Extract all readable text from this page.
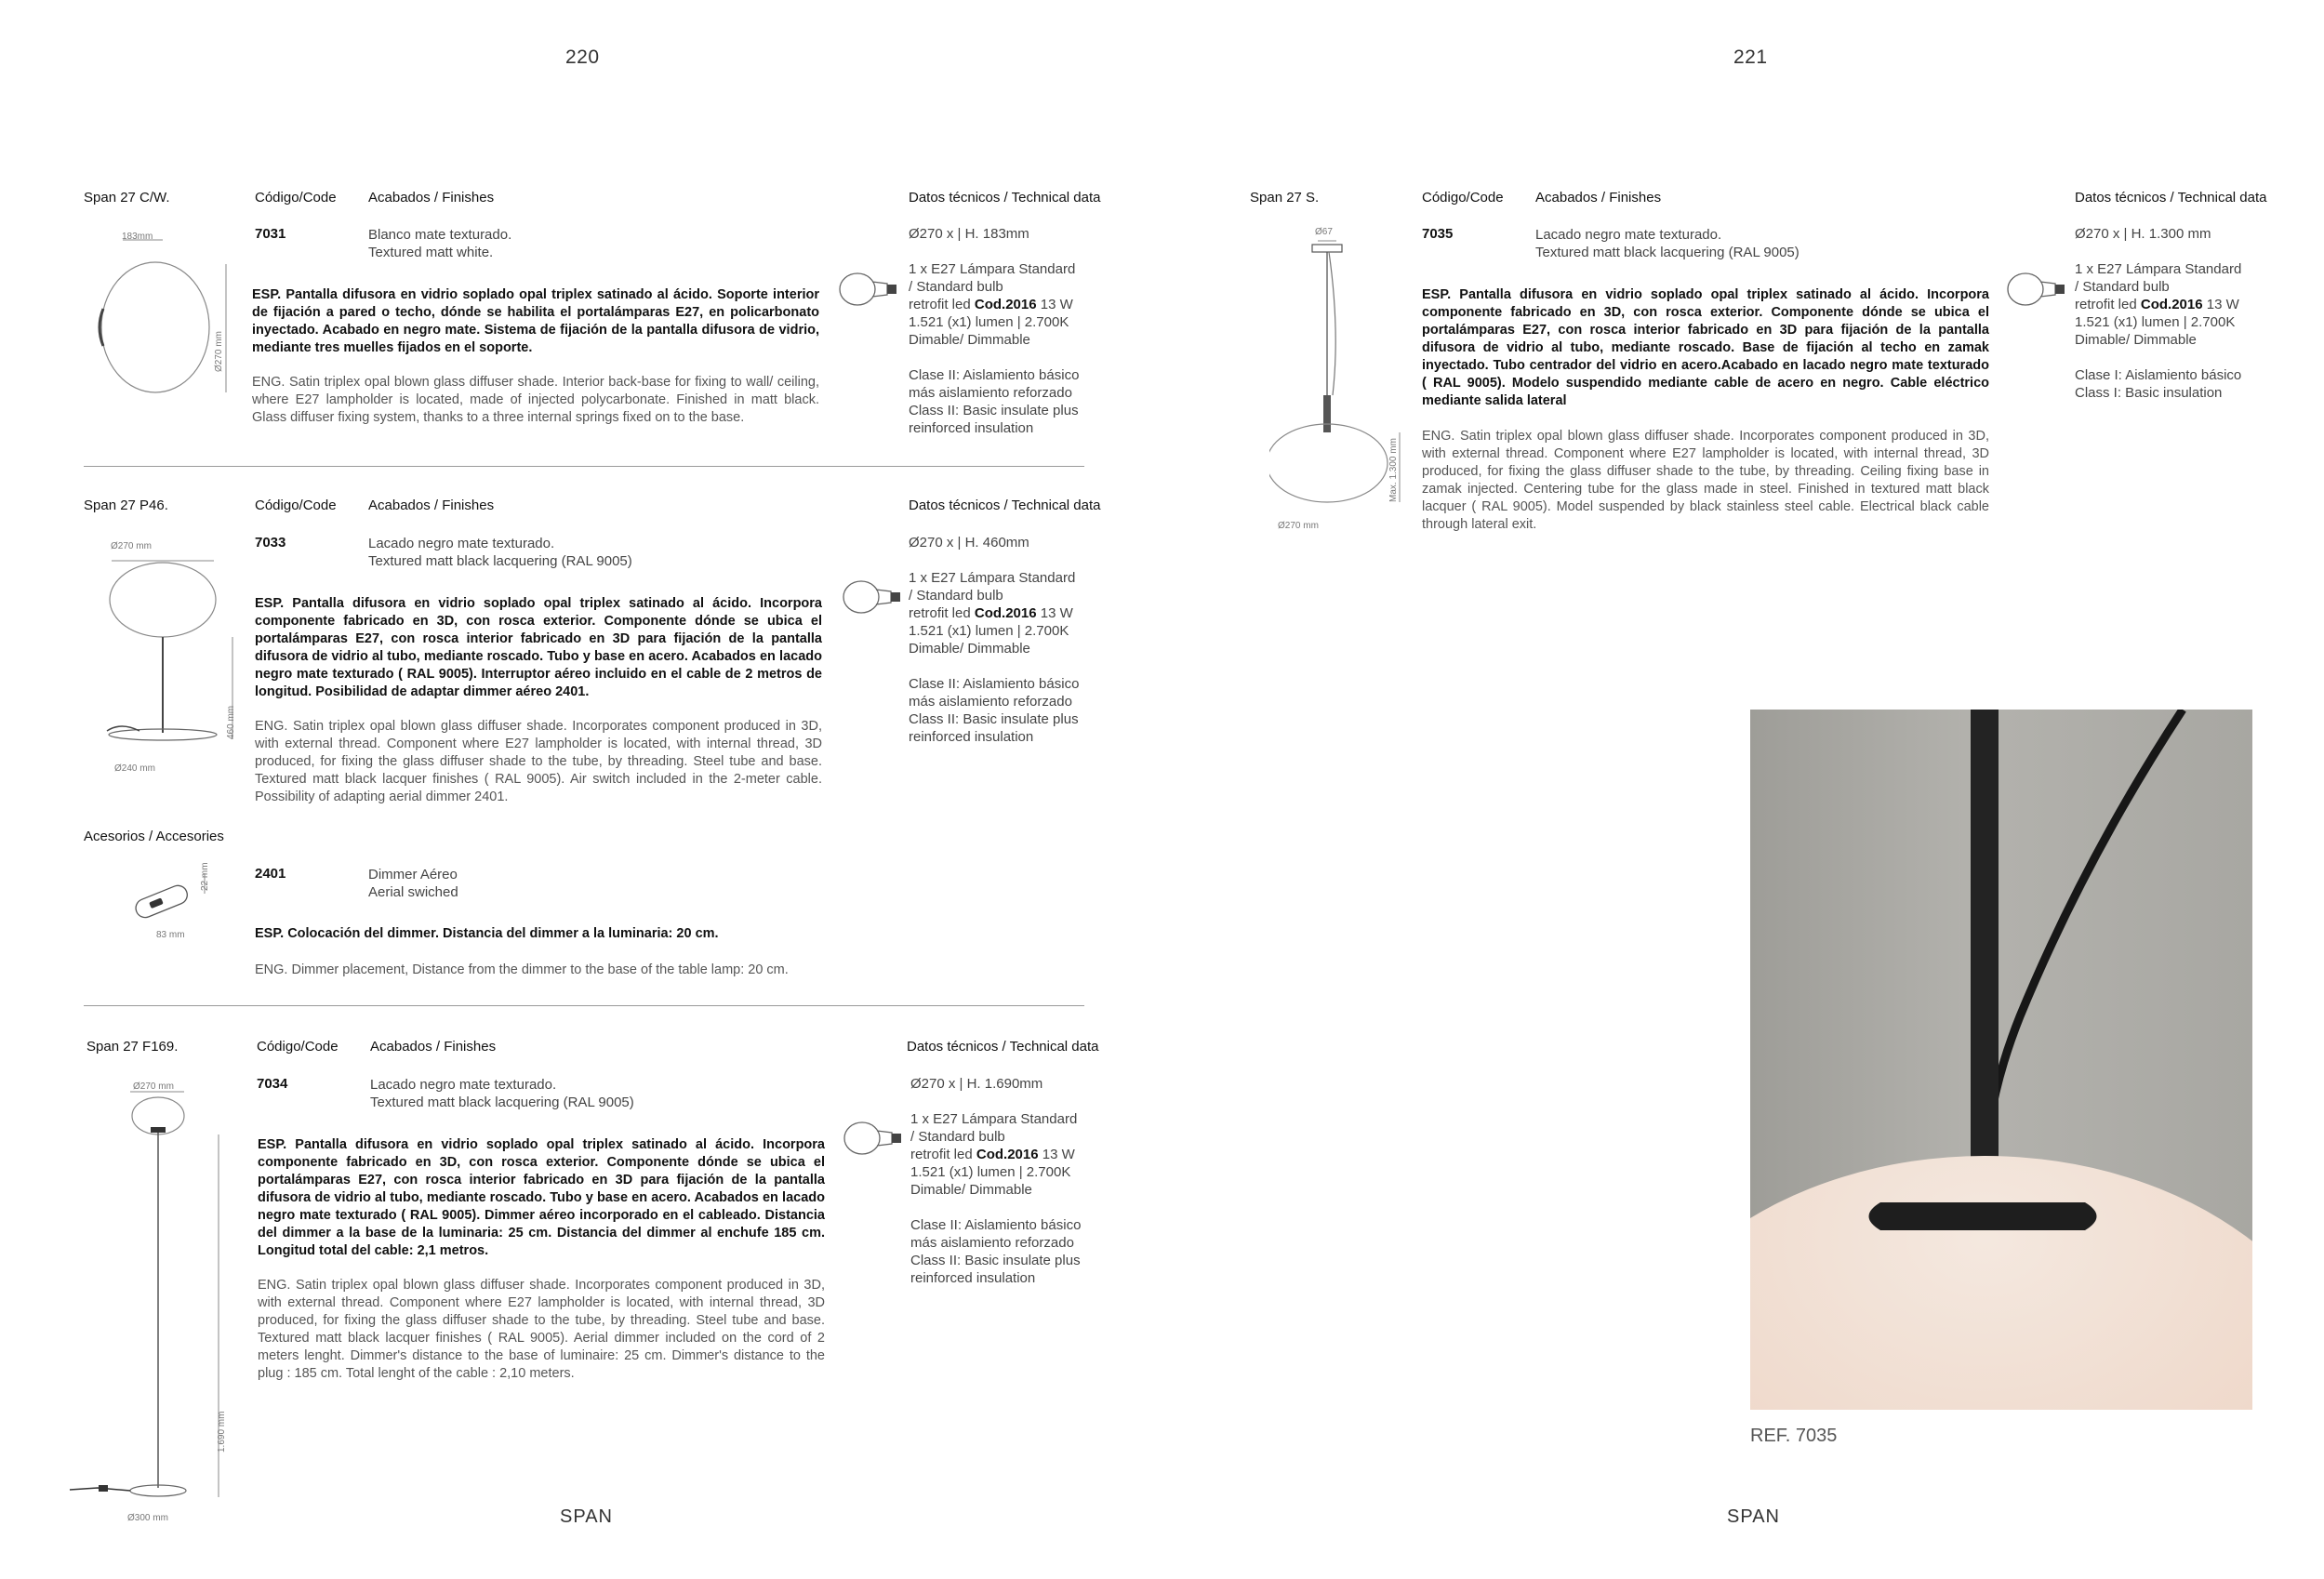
220	221
SPAN	SPAN
Span 27 C/W.	Código/Code Acabados / Finishes	Datos técnicos / Technical data
7031	Blanco mate texturado.
Textured matt white.
ESP. Pantalla difusora en vidrio soplado opal triplex satinado al ácido. Soporte interior de fijación a pared o techo, dónde se habilita el portalámparas E27, en policarbonato inyectado. Acabado en negro mate. Sistema de fijación de la pantalla difusora de vidrio, mediante tres muelles fijados en el soporte.
ENG. Satin triplex opal blown glass diffuser shade. Interior back-base for fixing to wall/ ceiling, where E27 lampholder is located, made of injected polycarbonate. Finished in matt black. Glass diffuser fixing system, thanks to a three internal springs fixed on to the base.
Ø270 x | H. 183mm
1 x E27 Lámpara Standard
/ Standard bulb
retrofit led Cod.2016 13 W
1.521 (x1) lumen | 2.700K
Dimable/ Dimmable
Clase II: Aislamiento básico
más aislamiento reforzado
Class II: Basic insulate plus
reinforced insulation
183mm
Ø270 mm
Span 27 P46.	Código/Code Acabados / Finishes	Datos técnicos / Technical data
7033	Lacado negro mate texturado.
Textured matt black lacquering (RAL 9005)
ESP. Pantalla difusora en vidrio soplado opal triplex satinado al ácido. Incorpora componente fabricado en 3D, con rosca exterior. Componente dónde se ubica el portalámparas E27, con rosca interior fabricado en 3D para fijación de la pantalla difusora de vidrio al tubo, mediante roscado. Tubo y base en acero. Acabados en lacado negro mate texturado ( RAL 9005). Interruptor aéreo incluido en el cable de 2 metros de longitud. Posibilidad de adaptar dimmer aéreo 2401.
ENG. Satin triplex opal blown glass diffuser shade. Incorporates component produced in 3D, with external thread. Component where E27 lampholder is located, with internal thread, 3D produced, for fixing the glass diffuser shade to the tube, by threading. Steel tube and base. Textured matt black lacquer finishes ( RAL 9005). Air switch included in the 2-meter cable. Possibility of adapting aerial dimmer 2401.
Ø270 x | H. 460mm
1 x E27 Lámpara Standard
/ Standard bulb
retrofit led Cod.2016 13 W
1.521 (x1) lumen | 2.700K
Dimable/ Dimmable
Clase II: Aislamiento básico
más aislamiento reforzado
Class II: Basic insulate plus
reinforced insulation
Ø270 mm
460 mm
Ø240 mm
Acesorios / Accesories
2401	Dimmer Aéreo
Aerial swiched
ESP. Colocación del dimmer. Distancia del dimmer a la luminaria: 20 cm.
ENG. Dimmer placement, Distance from the dimmer to the base of the table lamp: 20 cm.
22 mm
83 mm
Span 27 F169.	Código/Code Acabados / Finishes	Datos técnicos / Technical data
7034	Lacado negro mate texturado.
Textured matt black lacquering (RAL 9005)
ESP. Pantalla difusora en vidrio soplado opal triplex satinado al ácido. Incorpora componente fabricado en 3D, con rosca exterior. Componente dónde se ubica el portalámparas E27, con rosca interior fabricado en 3D para fijación de la pantalla difusora de vidrio al tubo, mediante roscado. Tubo y base en acero. Acabados en lacado negro mate texturado ( RAL 9005). Dimmer aéreo incorporado en el cableado. Distancia del dimmer a la base de la luminaria: 25 cm. Distancia del dimmer al enchufe 185 cm. Longitud total del cable: 2,1 metros.
ENG. Satin triplex opal blown glass diffuser shade. Incorporates component produced in 3D, with external thread. Component where E27 lampholder is located, with internal thread, 3D produced, for fixing the glass diffuser shade to the tube, by threading. Steel tube and base. Textured matt black lacquer finishes ( RAL 9005). Aerial dimmer included on the cord of 2 meters lenght. Dimmer's distance to the base of luminaire: 25 cm. Dimmer's distance to the plug : 185 cm. Total lenght of the cable : 2,10 meters.
Ø270 x | H. 1.690mm
1 x E27 Lámpara Standard
/ Standard bulb
retrofit led Cod.2016 13 W
1.521 (x1) lumen | 2.700K
Dimable/ Dimmable
Clase II: Aislamiento básico
más aislamiento reforzado
Class II: Basic insulate plus
reinforced insulation
Ø270 mm
1.690 mm
Ø300 mm
Span 27 S.	Código/Code Acabados / Finishes	Datos técnicos / Technical data
7035	Lacado negro mate texturado.
Textured matt black lacquering (RAL 9005)
ESP. Pantalla difusora en vidrio soplado opal triplex satinado al ácido. Incorpora componente fabricado en 3D, con rosca exterior. Componente dónde se ubica el portalámparas E27, con rosca interior fabricado en 3D para fijación de la pantalla difusora de vidrio al tubo, mediante roscado. Base de fijación al techo en zamak inyectado. Tubo centrador del vidrio en acero.Acabado en lacado negro mate texturado ( RAL 9005). Modelo suspendido mediante cable de acero en negro. Cable eléctrico mediante salida lateral
ENG. Satin triplex opal blown glass diffuser shade. Incorporates component produced in 3D, with external thread. Component where E27 lampholder is located, with internal thread, 3D produced, for fixing the glass diffuser shade to the tube, by threading. Ceiling fixing base in zamak injected. Centering tube for the glass made in steel. Finished in textured matt black lacquer ( RAL 9005). Model suspended by black stainless steel cable. Electrical black cable through lateral exit.
Ø270 x | H. 1.300 mm
1 x E27 Lámpara Standard
/ Standard bulb
retrofit led Cod.2016 13 W
1.521 (x1) lumen | 2.700K
Dimable/ Dimmable
Clase I: Aislamiento básico
Class I: Basic insulation
Ø67
Max. 1.300 mm
Ø270 mm
REF. 7035
